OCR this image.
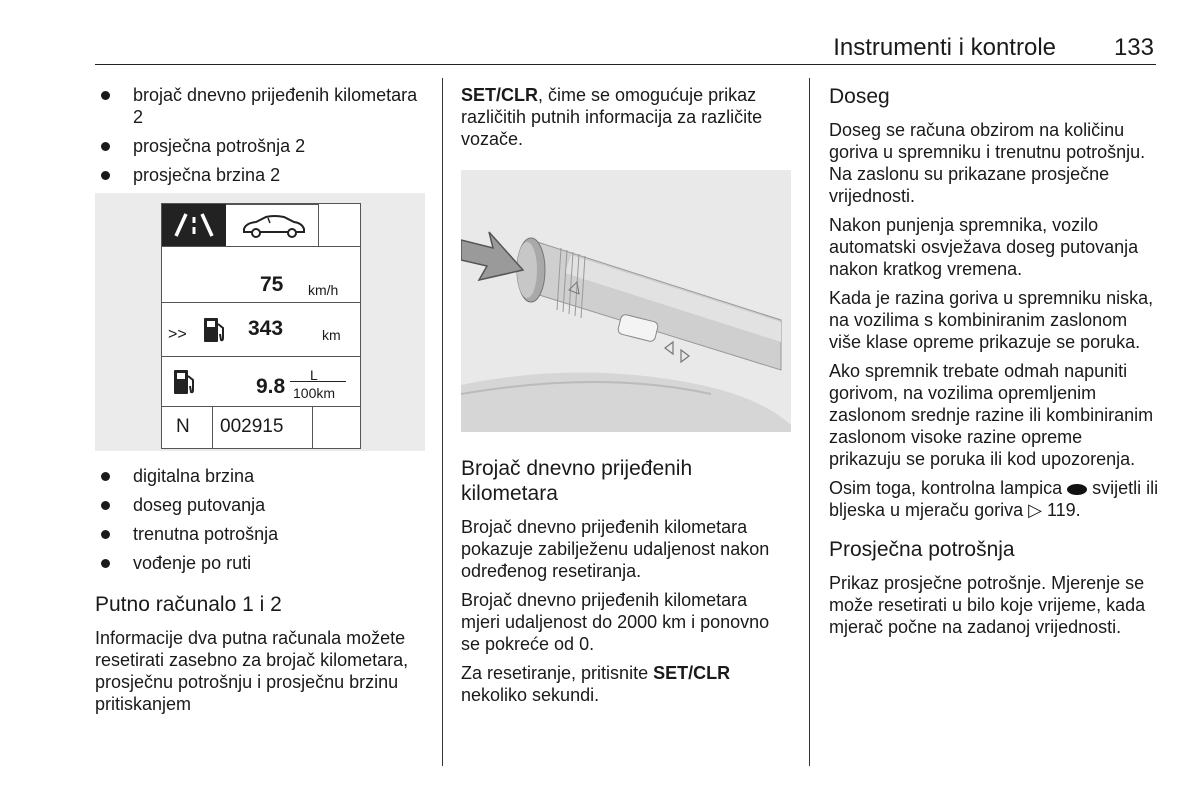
Instrumenti i kontrole 133
brojač dnevno prijeđenih kilometara 2
prosječna potrošnja 2
prosječna brzina 2
75 km/h
>>	343	km
9.8 L
100km
N 002915
digitalna brzina
doseg putovanja
trenutna potrošnja
vođenje po ruti
Putno računalo 1 i 2

Informacije dva putna računala možete resetirati zasebno za brojač kilometara, prosječnu potrošnju i prosječnu brzinu pritiskanjem

SET/CLR, čime se omogućuje prikaz različitih putnih informacija za različite vozače.

Brojač dnevno prijeđenih kilometara

Brojač dnevno prijeđenih kilometara pokazuje zabilježenu udaljenost nakon određenog resetiranja.

Brojač dnevno prijeđenih kilometara mjeri udaljenost do 2000 km i ponovno se pokreće od 0.

Za resetiranje, pritisnite SET/CLR nekoliko sekundi.

Doseg

Doseg se računa obzirom na količinu goriva u spremniku i trenutnu potrošnju. Na zaslonu su prikazane prosječne vrijednosti.

Nakon punjenja spremnika, vozilo automatski osvježava doseg putovanja nakon kratkog vremena.

Kada je razina goriva u spremniku niska, na vozilima s kombiniranim zaslonom više klase opreme prikazuje se poruka.

Ako spremnik trebate odmah napuniti gorivom, na vozilima opremljenim zaslonom srednje razine ili kombiniranim zaslonom visoke razine opreme prikazuju se poruka ili kod upozorenja.

Osim toga, kontrolna lampica svijetli ili bljeska u mjeraču goriva ▷ 119.

Prosječna potrošnja

Prikaz prosječne potrošnje. Mjerenje se može resetirati u bilo koje vrijeme, kada mjerač počne na zadanoj vrijednosti.
